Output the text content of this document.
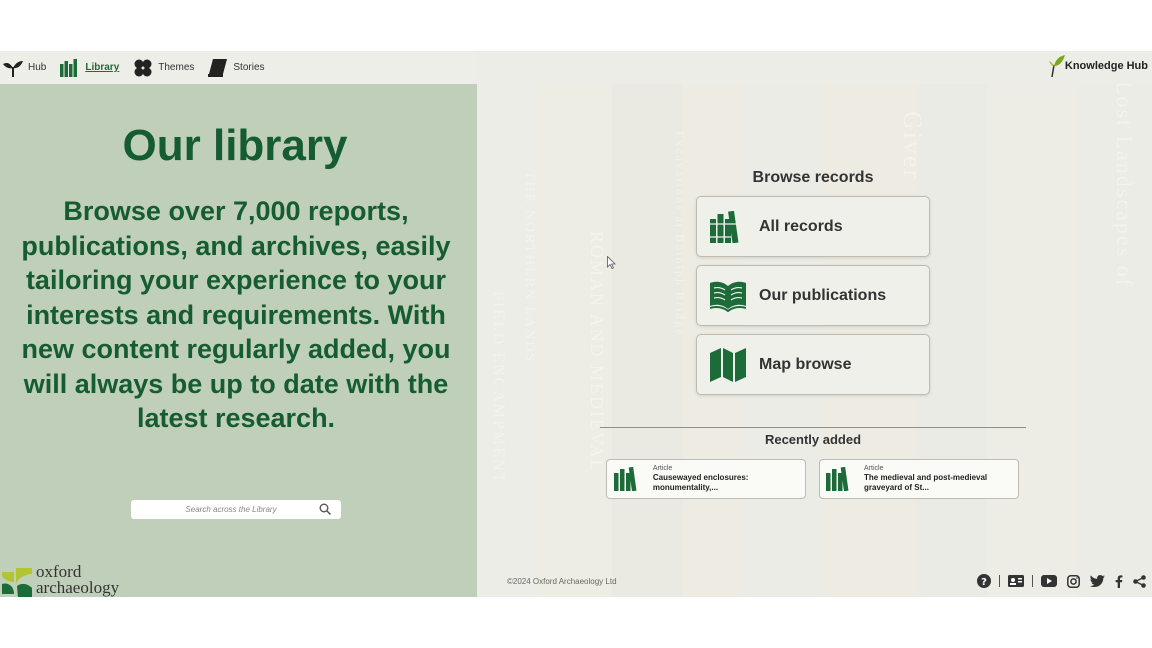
Hub	Library	Themes	Stories	Knowledge Hub
Our library
Browse over 7,000 reports, publications, and archives, easily tailoring your experience to your interests and requirements. With new content regularly added, you will always be up to date with the latest research.
Search across the Library
oxford
archaeology
Browse records
All records
Our publications
Map browse
Recently added
Article
Causewayed enclosures: monumentality,...
Article
The medieval and post-medieval graveyard of St...
©2024 Oxford Archaeology Ltd	?
